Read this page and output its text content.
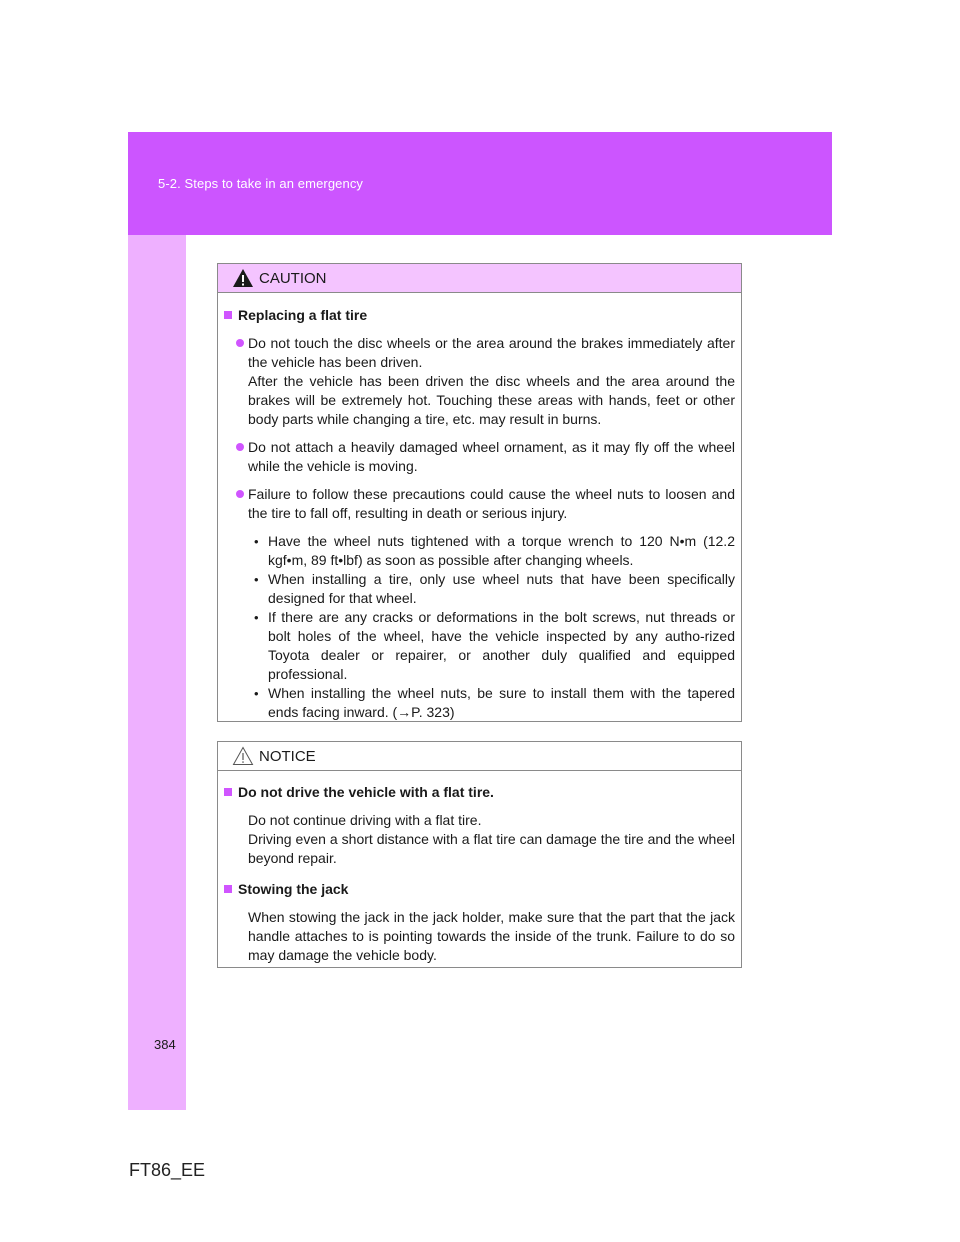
5-2. Steps to take in an emergency
CAUTION
Replacing a flat tire
Do not touch the disc wheels or the area around the brakes immediately after the vehicle has been driven.
After the vehicle has been driven the disc wheels and the area around the brakes will be extremely hot. Touching these areas with hands, feet or other body parts while changing a tire, etc. may result in burns.
Do not attach a heavily damaged wheel ornament, as it may fly off the wheel while the vehicle is moving.
Failure to follow these precautions could cause the wheel nuts to loosen and the tire to fall off, resulting in death or serious injury.
• Have the wheel nuts tightened with a torque wrench to 120 N•m (12.2 kgf•m, 89 ft•lbf) as soon as possible after changing wheels.
• When installing a tire, only use wheel nuts that have been specifically designed for that wheel.
• If there are any cracks or deformations in the bolt screws, nut threads or bolt holes of the wheel, have the vehicle inspected by any autho-rized Toyota dealer or repairer, or another duly qualified and equipped professional.
• When installing the wheel nuts, be sure to install them with the tapered ends facing inward. (→P. 323)
NOTICE
Do not drive the vehicle with a flat tire.
Do not continue driving with a flat tire.
Driving even a short distance with a flat tire can damage the tire and the wheel beyond repair.
Stowing the jack
When stowing the jack in the jack holder, make sure that the part that the jack handle attaches to is pointing towards the inside of the trunk. Failure to do so may damage the vehicle body.
384
FT86_EE
